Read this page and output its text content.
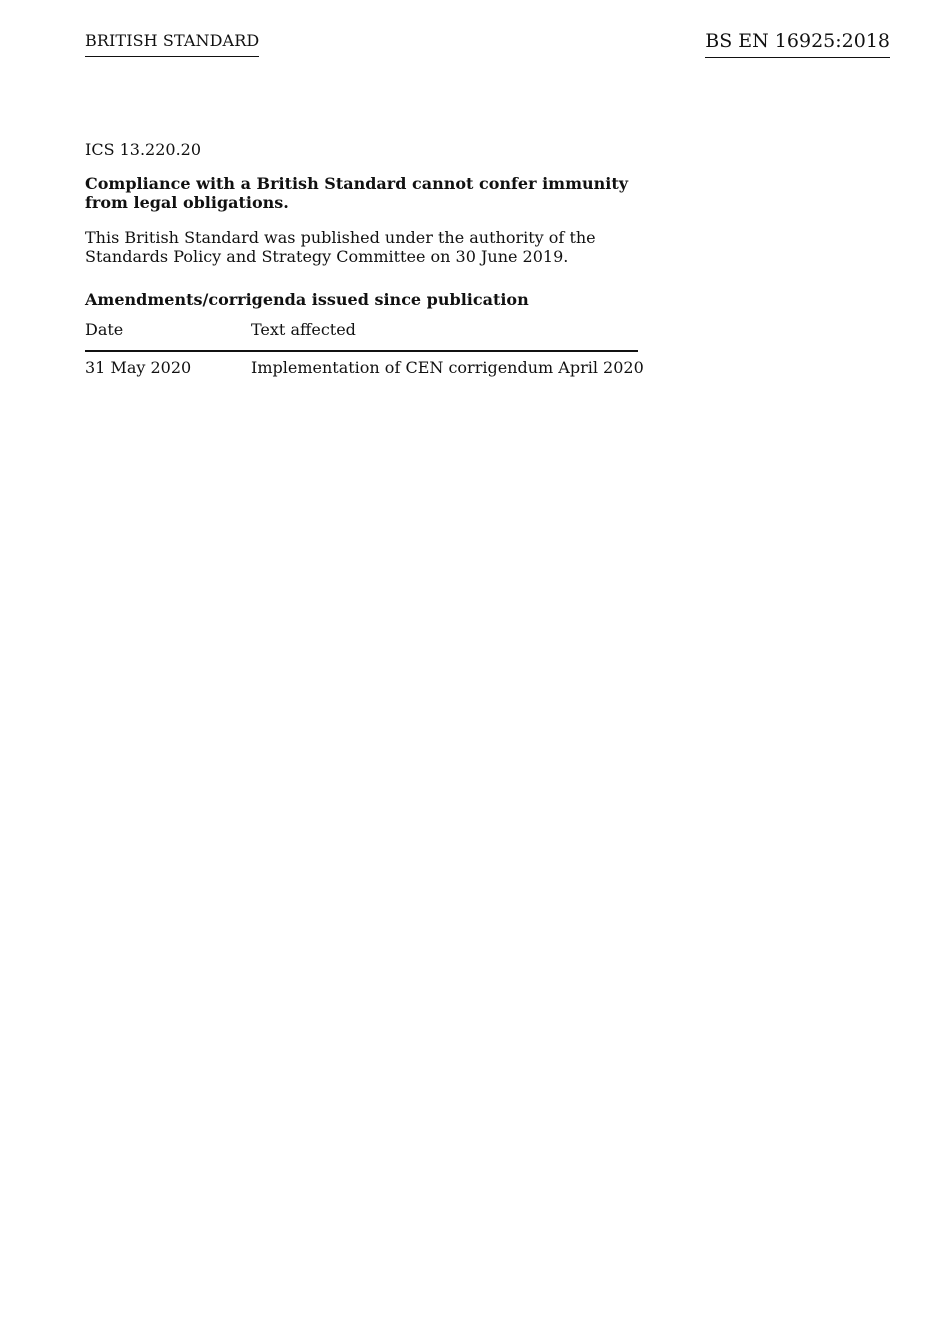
BRITISH STANDARD	BS EN 16925:2018
ICS 13.220.20
Compliance with a British Standard cannot confer immunity from legal obligations.
This British Standard was published under the authority of the Standards Policy and Strategy Committee on 30 June 2019.
Amendments/corrigenda issued since publication
Date	Text affected
31 May 2020	Implementation of CEN corrigendum April 2020
